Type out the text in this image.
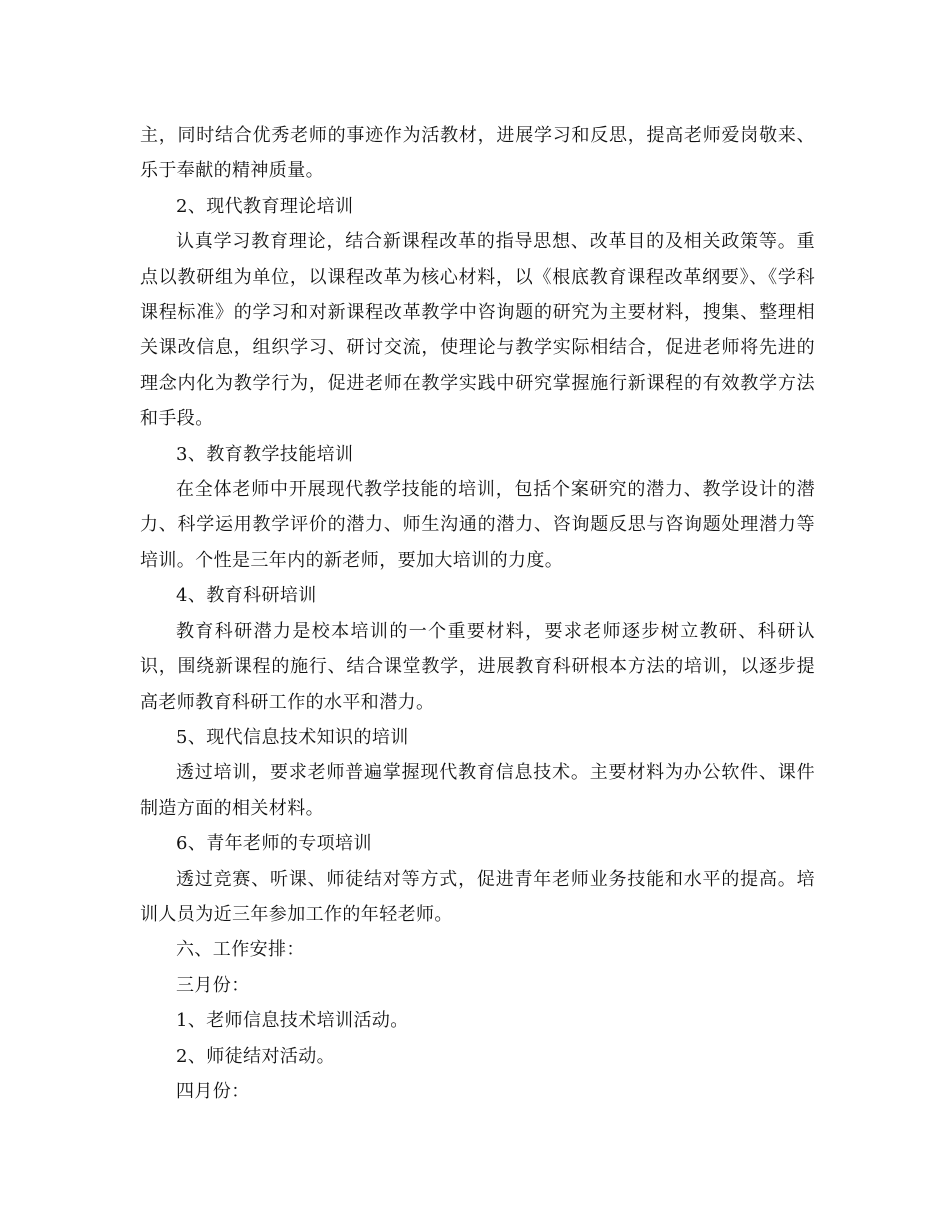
主，同时结合优秀老师的事迹作为活教材，进展学习和反思，提高老师爱岗敬来、乐于奉献的精神质量。

2、现代教育理论培训

认真学习教育理论，结合新课程改革的指导思想、改革目的及相关政策等。重点以教研组为单位，以课程改革为核心材料，以《根底教育课程改革纲要》、《学科课程标准》的学习和对新课程改革教学中咨询题的研究为主要材料，搜集、整理相关课改信息，组织学习、研讨交流，使理论与教学实际相结合，促进老师将先进的理念内化为教学行为，促进老师在教学实践中研究掌握施行新课程的有效教学方法和手段。

3、教育教学技能培训

在全体老师中开展现代教学技能的培训，包括个案研究的潜力、教学设计的潜力、科学运用教学评价的潜力、师生沟通的潜力、咨询题反思与咨询题处理潜力等培训。个性是三年内的新老师，要加大培训的力度。

4、教育科研培训

教育科研潜力是校本培训的一个重要材料，要求老师逐步树立教研、科研认识，围绕新课程的施行、结合课堂教学，进展教育科研根本方法的培训，以逐步提高老师教育科研工作的水平和潜力。

5、现代信息技术知识的培训

透过培训，要求老师普遍掌握现代教育信息技术。主要材料为办公软件、课件制造方面的相关材料。

6、青年老师的专项培训

透过竞赛、听课、师徒结对等方式，促进青年老师业务技能和水平的提高。培训人员为近三年参加工作的年轻老师。

六、工作安排：

三月份：

1、老师信息技术培训活动。

2、师徒结对活动。

四月份：
